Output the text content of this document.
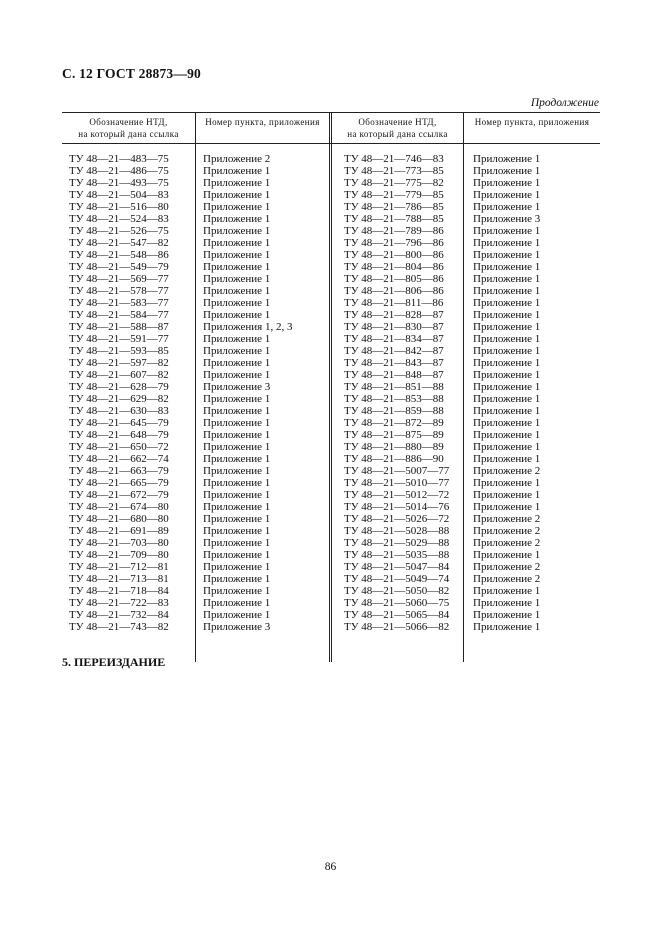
С. 12 ГОСТ 28873—90
Продолжение
Обозначение НТД,
на который дана ссылка
Номер пункта, приложения	Обозначение НТД,
на который дана ссылка
Номер пункта, приложения
ТУ 48—21—483—75
ТУ 48—21—486—75
ТУ 48—21—493—75
ТУ 48—21—504—83
ТУ 48—21—516—80
ТУ 48—21—524—83
ТУ 48—21—526—75
ТУ 48—21—547—82
ТУ 48—21—548—86
ТУ 48—21—549—79
ТУ 48—21—569—77
ТУ 48—21—578—77
ТУ 48—21—583—77
ТУ 48—21—584—77
ТУ 48—21—588—87
ТУ 48—21—591—77
ТУ 48—21—593—85
ТУ 48—21—597—82
ТУ 48—21—607—82
ТУ 48—21—628—79
ТУ 48—21—629—82
ТУ 48—21—630—83
ТУ 48—21—645—79
ТУ 48—21—648—79
ТУ 48—21—650—72
ТУ 48—21—662—74
ТУ 48—21—663—79
ТУ 48—21—665—79
ТУ 48—21—672—79
ТУ 48—21—674—80
ТУ 48—21—680—80
ТУ 48—21—691—89
ТУ 48—21—703—80
ТУ 48—21—709—80
ТУ 48—21—712—81
ТУ 48—21—713—81
ТУ 48—21—718—84
ТУ 48—21—722—83
ТУ 48—21—732—84
ТУ 48—21—743—82
Приложение 2
Приложение 1
Приложение 1
Приложение 1
Приложение 1
Приложение 1
Приложение 1
Приложение 1
Приложение 1
Приложение 1
Приложение 1
Приложение 1
Приложение 1
Приложение 1
Приложения 1, 2, 3
Приложение 1
Приложение 1
Приложение 1
Приложение 1
Приложение 3
Приложение 1
Приложение 1
Приложение 1
Приложение 1
Приложение 1
Приложение 1
Приложение 1
Приложение 1
Приложение 1
Приложение 1
Приложение 1
Приложение 1
Приложение 1
Приложение 1
Приложение 1
Приложение 1
Приложение 1
Приложение 1
Приложение 1
Приложение 3
ТУ 48—21—746—83
ТУ 48—21—773—85
ТУ 48—21—775—82
ТУ 48—21—779—85
ТУ 48—21—786—85
ТУ 48—21—788—85
ТУ 48—21—789—86
ТУ 48—21—796—86
ТУ 48—21—800—86
ТУ 48—21—804—86
ТУ 48—21—805—86
ТУ 48—21—806—86
ТУ 48—21—811—86
ТУ 48—21—828—87
ТУ 48—21—830—87
ТУ 48—21—834—87
ТУ 48—21—842—87
ТУ 48—21—843—87
ТУ 48—21—848—87
ТУ 48—21—851—88
ТУ 48—21—853—88
ТУ 48—21—859—88
ТУ 48—21—872—89
ТУ 48—21—875—89
ТУ 48—21—880—89
ТУ 48—21—886—90
ТУ 48—21—5007—77
ТУ 48—21—5010—77
ТУ 48—21—5012—72
ТУ 48—21—5014—76
ТУ 48—21—5026—72
ТУ 48—21—5028—88
ТУ 48—21—5029—88
ТУ 48—21—5035—88
ТУ 48—21—5047—84
ТУ 48—21—5049—74
ТУ 48—21—5050—82
ТУ 48—21—5060—75
ТУ 48—21—5065—84
ТУ 48—21—5066—82
Приложение 1
Приложение 1
Приложение 1
Приложение 1
Приложение 1
Приложение 3
Приложение 1
Приложение 1
Приложение 1
Приложение 1
Приложение 1
Приложение 1
Приложение 1
Приложение 1
Приложение 1
Приложение 1
Приложение 1
Приложение 1
Приложение 1
Приложение 1
Приложение 1
Приложение 1
Приложение 1
Приложение 1
Приложение 1
Приложение 1
Приложение 2
Приложение 1
Приложение 1
Приложение 1
Приложение 2
Приложение 2
Приложение 2
Приложение 1
Приложение 2
Приложение 2
Приложение 1
Приложение 1
Приложение 1
Приложение 1
5. ПЕРЕИЗДАНИЕ
86
